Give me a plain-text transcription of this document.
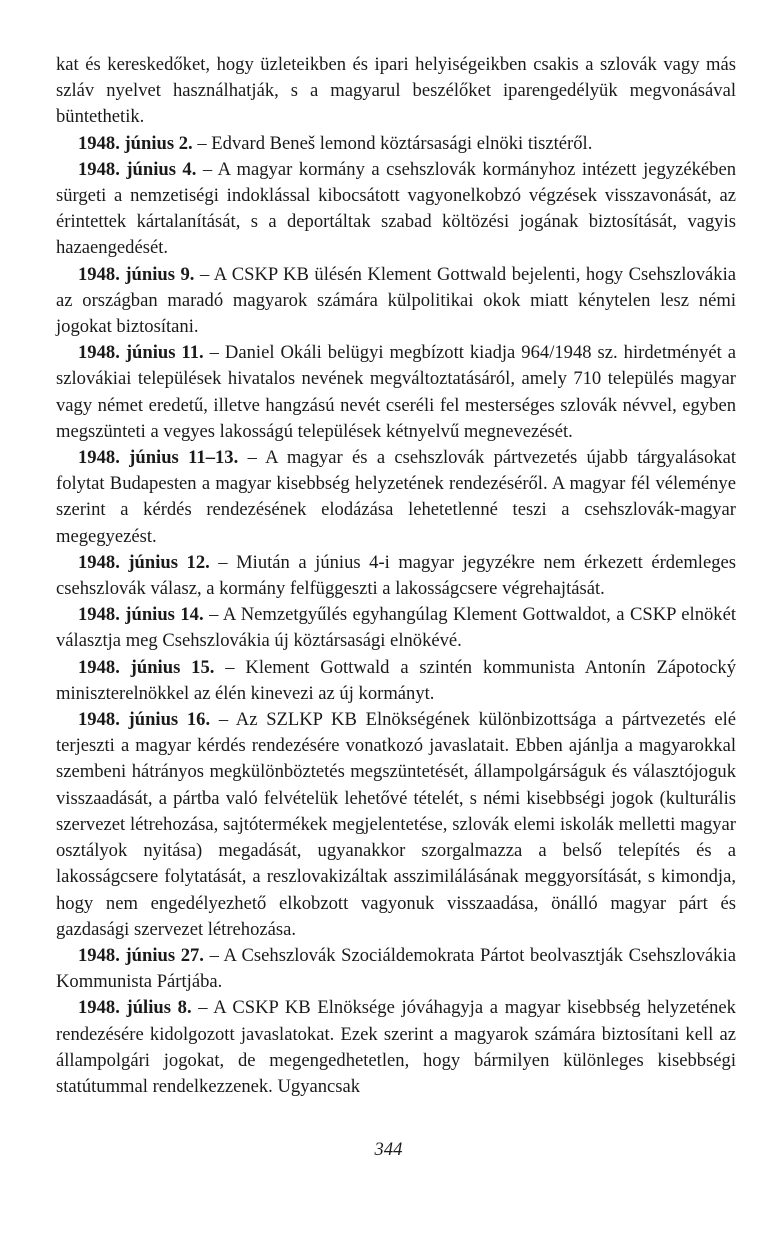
kat és kereskedőket, hogy üzleteikben és ipari helyiségeikben csakis a szlovák vagy más szláv nyelvet használhatják, s a magyarul beszélőket iparengedélyük megvonásával büntethetik.

1948. június 2. – Edvard Beneš lemond köztársasági elnöki tisztéről.

1948. június 4. – A magyar kormány a csehszlovák kormányhoz intézett jegyzékében sürgeti a nemzetiségi indoklással kibocsátott vagyonelkobzó végzések visszavonását, az érintettek kártalanítását, s a deportáltak szabad költözési jogának biztosítását, vagyis hazaengedését.

1948. június 9. – A CSKP KB ülésén Klement Gottwald bejelenti, hogy Csehszlovákia az országban maradó magyarok számára külpolitikai okok miatt kénytelen lesz némi jogokat biztosítani.

1948. június 11. – Daniel Okáli belügyi megbízott kiadja 964/1948 sz. hirdetményét a szlovákiai települések hivatalos nevének megváltoztatásáról, amely 710 település magyar vagy német eredetű, illetve hangzású nevét cseréli fel mesterséges szlovák névvel, egyben megszünteti a vegyes lakosságú települések kétnyelvű megnevezését.

1948. június 11–13. – A magyar és a csehszlovák pártvezetés újabb tárgyalásokat folytat Budapesten a magyar kisebbség helyzetének rendezéséről. A magyar fél véleménye szerint a kérdés rendezésének elodázása lehetetlenné teszi a csehszlovák-magyar megegyezést.

1948. június 12. – Miután a június 4-i magyar jegyzékre nem érkezett érdemleges csehszlovák válasz, a kormány felfüggeszti a lakosságcsere végrehajtását.

1948. június 14. – A Nemzetgyűlés egyhangúlag Klement Gottwaldot, a CSKP elnökét választja meg Csehszlovákia új köztársasági elnökévé.

1948. június 15. – Klement Gottwald a szintén kommunista Antonín Zápotocký miniszterelnökkel az élén kinevezi az új kormányt.

1948. június 16. – Az SZLKP KB Elnökségének különbizottsága a pártvezetés elé terjeszti a magyar kérdés rendezésére vonatkozó javaslatait. Ebben ajánlja a magyarokkal szembeni hátrányos megkülönböztetés megszüntetését, állampolgárságuk és választójoguk visszaadását, a pártba való felvételük lehetővé tételét, s némi kisebbségi jogok (kulturális szervezet létrehozása, sajtótermékek megjelentetése, szlovák elemi iskolák melletti magyar osztályok nyitása) megadását, ugyanakkor szorgalmazza a belső telepítés és a lakosságcsere folytatását, a reszlovakizáltak asszimilálásának meggyorsítását, s kimondja, hogy nem engedélyezhető elkobzott vagyonuk visszaadása, önálló magyar párt és gazdasági szervezet létrehozása.

1948. június 27. – A Csehszlovák Szociáldemokrata Pártot beolvasztják Csehszlovákia Kommunista Pártjába.

1948. július 8. – A CSKP KB Elnöksége jóváhagyja a magyar kisebbség helyzetének rendezésére kidolgozott javaslatokat. Ezek szerint a magyarok számára biztosítani kell az állampolgári jogokat, de megengedhetetlen, hogy bármilyen különleges kisebbségi statútummal rendelkezzenek. Ugyancsak

344
